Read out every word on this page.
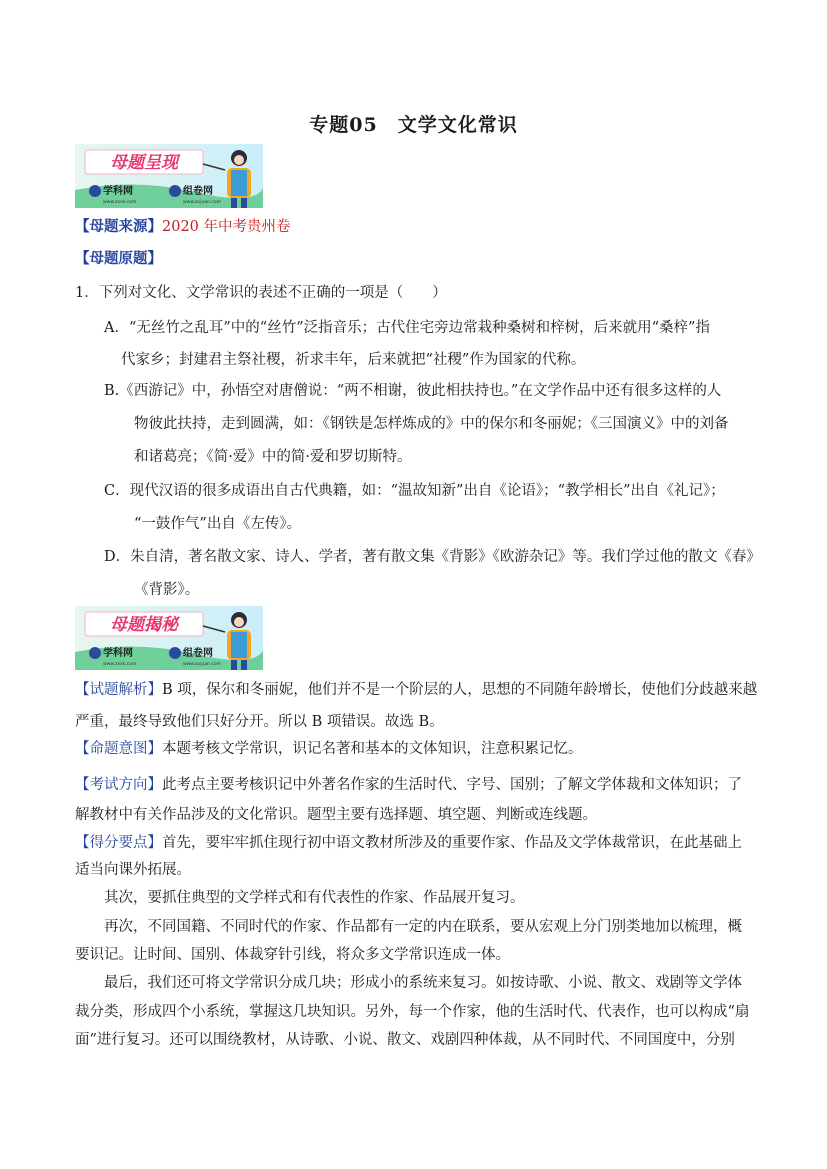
专题05　文学文化常识
母题呈现
学科网	组卷网
www.zxxk.com	www.zujuan.com
【母题来源】2020 年中考贵州卷
【母题原题】
1．下列对文化、文学常识的表述不正确的一项是（　　）
A．“无丝竹之乱耳”中的“丝竹”泛指音乐；古代住宅旁边常栽种桑树和梓树，后来就用“桑梓”指
代家乡；封建君主祭社稷，祈求丰年，后来就把“社稷”作为国家的代称。
B.《西游记》中，孙悟空对唐僧说：“两不相谢，彼此相扶持也。”在文学作品中还有很多这样的人
物彼此扶持，走到圆满，如：《钢铁是怎样炼成的》中的保尔和冬丽妮；《三国演义》中的刘备
和诸葛亮；《简·爱》中的简·爱和罗切斯特。
C．现代汉语的很多成语出自古代典籍，如：“温故知新”出自《论语》；“教学相长”出自《礼记》；
“一鼓作气”出自《左传》。
D．朱自清，著名散文家、诗人、学者，著有散文集《背影》《欧游杂记》等。我们学过他的散文《春》
《背影》。
母题揭秘
学科网	组卷网
www.zxxk.com	www.zujuan.com
【试题解析】B 项，保尔和冬丽妮，他们并不是一个阶层的人，思想的不同随年龄增长，使他们分歧越来越
严重，最终导致他们只好分开。所以 B 项错误。故选 B。
【命题意图】本题考核文学常识，识记名著和基本的文体知识，注意积累记忆。
【考试方向】此考点主要考核识记中外著名作家的生活时代、字号、国别；了解文学体裁和文体知识；了
解教材中有关作品涉及的文化常识。题型主要有选择题、填空题、判断或连线题。
【得分要点】首先，要牢牢抓住现行初中语文教材所涉及的重要作家、作品及文学体裁常识，在此基础上
适当向课外拓展。
其次，要抓住典型的文学样式和有代表性的作家、作品展开复习。
再次，不同国籍、不同时代的作家、作品都有一定的内在联系，要从宏观上分门别类地加以梳理，概
要识记。让时间、国别、体裁穿针引线，将众多文学常识连成一体。
最后，我们还可将文学常识分成几块；形成小的系统来复习。如按诗歌、小说、散文、戏剧等文学体
裁分类，形成四个小系统，掌握这几块知识。另外，每一个作家，他的生活时代、代表作，也可以构成“扇
面”进行复习。还可以围绕教材，从诗歌、小说、散文、戏剧四种体裁，从不同时代、不同国度中，分别
